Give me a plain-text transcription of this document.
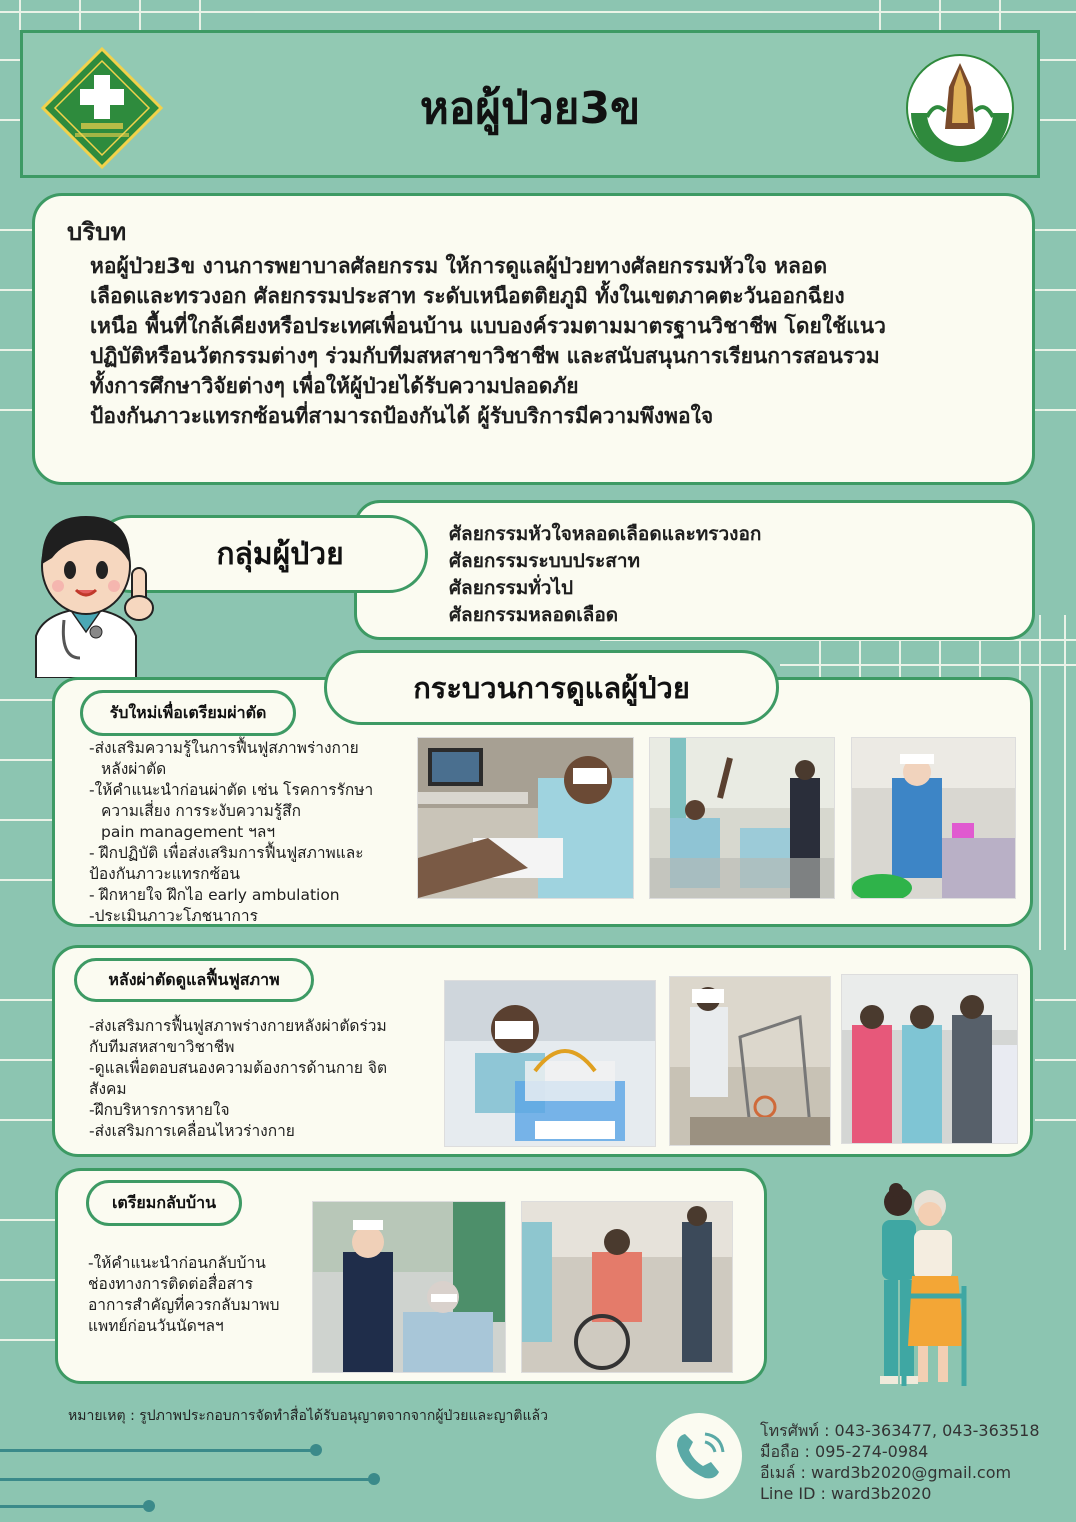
หอผู้ป่วย3ข
บริบท
หอผู้ป่วย3ข งานการพยาบาลศัลยกรรม ให้การดูแลผู้ป่วยทางศัลยกรรมหัวใจ หลอด
เลือดและทรวงอก ศัลยกรรมประสาท ระดับเหนือตติยภูมิ ทั้งในเขตภาคตะวันออกฉียง
เหนือ พื้นที่ใกล้เคียงหรือประเทศเพื่อนบ้าน แบบองค์รวมตามมาตรฐานวิชาชีพ โดยใช้แนว
ปฏิบัติหรือนวัตกรรมต่างๆ ร่วมกับทีมสหสาขาวิชาชีพ และสนับสนุนการเรียนการสอนรวม
ทั้งการศึกษาวิจัยต่างๆ เพื่อให้ผู้ป่วยได้รับความปลอดภัย
ป้องกันภาวะแทรกซ้อนที่สามารถป้องกันได้ ผู้รับบริการมีความพึงพอใจ
ศัลยกรรมหัวใจหลอดเลือดและทรวงอก
ศัลยกรรมระบบประสาท
ศัลยกรรมทั่วไป
ศัลยกรรมหลอดเลือด
กลุ่มผู้ป่วย
กระบวนการดูแลผู้ป่วย
-ส่งเสริมความรู้ในการฟื้นฟูสภาพร่างกาย
หลังผ่าตัด
-ให้คำแนะนำก่อนผ่าตัด เช่น โรคการรักษา
ความเสี่ยง การระงับความรู้สึก
pain management ฯลฯ
- ฝึกปฏิบัติ เพื่อส่งเสริมการฟื้นฟูสภาพและ
ป้องกันภาวะแทรกซ้อน
- ฝึกหายใจ ฝึกไอ early ambulation
-ประเมินภาวะโภชนาการ
รับใหม่เพื่อเตรียมผ่าตัด
-ส่งเสริมการฟื้นฟูสภาพร่างกายหลังผ่าตัดร่วม
กับทีมสหสาขาวิชาชีพ
-ดูแลเพื่อตอบสนองความต้องการด้านกาย จิต
สังคม
-ฝึกบริหารการหายใจ
-ส่งเสริมการเคลื่อนไหวร่างกาย
หลังผ่าตัดดูแลฟื้นฟูสภาพ
-ให้คำแนะนำก่อนกลับบ้าน
ช่องทางการติดต่อสื่อสาร
อาการสำคัญที่ควรกลับมาพบ
แพทย์ก่อนวันนัดฯลฯ
เตรียมกลับบ้าน
หมายเหตุ : รูปภาพประกอบการจัดทำสื่อได้รับอนุญาตจากจากผู้ป่วยและญาติแล้ว
โทรศัพท์ : 043-363477, 043-363518
มือถือ : 095-274-0984
อีเมล์ : ward3b2020@gmail.com
Line ID : ward3b2020
